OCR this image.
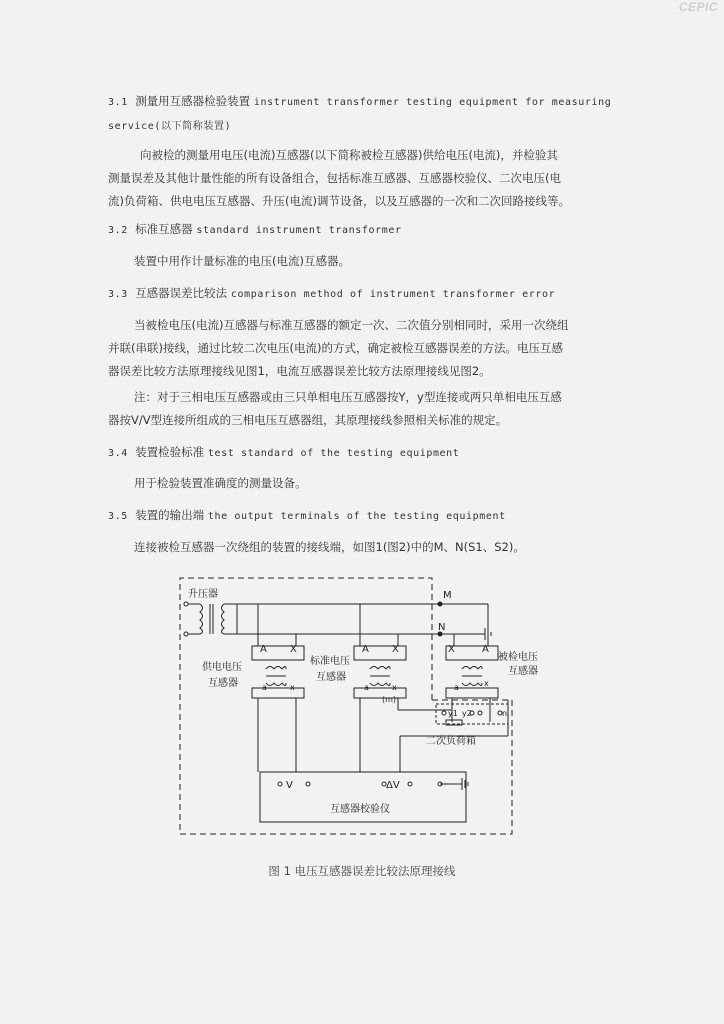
CEPIC
3.1 测量用互感器检验装置 instrument transformer testing equipment for measuring
service(以下简称装置)
向被检的测量用电压(电流)互感器(以下简称被检互感器)供给电压(电流)，并检验其
测量误差及其他计量性能的所有设备组合，包括标准互感器、互感器校验仪、二次电压(电
流)负荷箱、供电电压互感器、升压(电流)调节设备，以及互感器的一次和二次回路接线等。
3.2 标准互感器 standard instrument transformer
装置中用作计量标准的电压(电流)互感器。
3.3 互感器误差比较法 comparison method of instrument transformer error
当被检电压(电流)互感器与标准互感器的额定一次、二次值分别相同时，采用一次绕组
并联(串联)接线，通过比较二次电压(电流)的方式，确定被检互感器误差的方法。电压互感
器误差比较方法原理接线见图1，电流互感器误差比较方法原理接线见图2。
注：对于三相电压互感器或由三只单相电压互感器按Y，y型连接或两只单相电压互感
器按V/V型连接所组成的三相电压互感器组，其原理接线参照相关标准的规定。
3.4 装置检验标准 test standard of the testing equipment
用于检验装置准确度的测量设备。
3.5 装置的输出端 the output terminals of the testing equipment
连接被检互感器一次绕组的装置的接线端，如图1(图2)中的M、N(S1、S2)。
升压器	M
N
A X
a	x
供电电压
互感器
A X
a	x
标准电压
互感器
(m)
X	A
a	x
被检电压
互感器
y1 y2	n
二次负荷箱
V	ΔV
互感器校验仪
图 1 电压互感器误差比较法原理接线
